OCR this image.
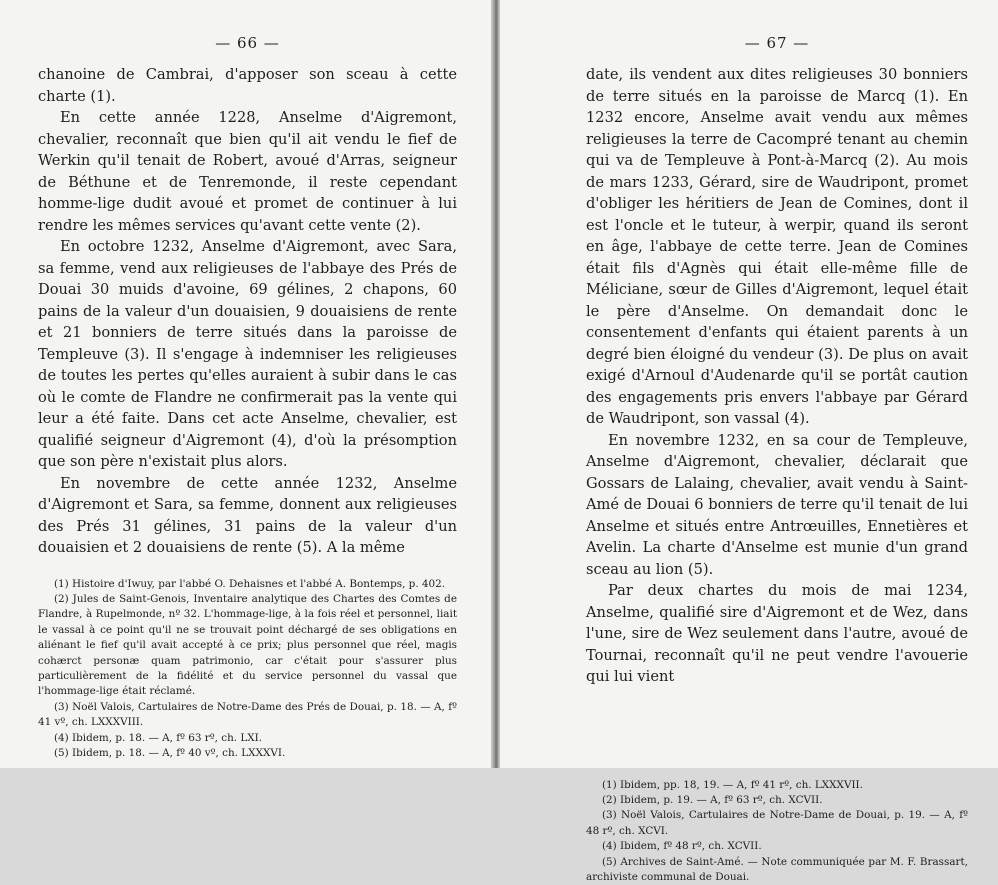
— 66 —

chanoine de Cambrai, d'apposer son sceau à cette charte (1).

En cette année 1228, Anselme d'Aigremont, chevalier, reconnaît que bien qu'il ait vendu le fief de Werkin qu'il tenait de Robert, avoué d'Arras, seigneur de Béthune et de Tenremonde, il reste cependant homme-lige dudit avoué et promet de continuer à lui rendre les mêmes services qu'avant cette vente (2).

En octobre 1232, Anselme d'Aigremont, avec Sara, sa femme, vend aux religieuses de l'abbaye des Prés de Douai 30 muids d'avoine, 69 gélines, 2 chapons, 60 pains de la valeur d'un douaisien, 9 douaisiens de rente et 21 bonniers de terre situés dans la paroisse de Templeuve (3). Il s'engage à indemniser les religieuses de toutes les pertes qu'elles auraient à subir dans le cas où le comte de Flandre ne confirmerait pas la vente qui leur a été faite. Dans cet acte Anselme, chevalier, est qualifié seigneur d'Aigremont (4), d'où la présomption que son père n'existait plus alors.

En novembre de cette année 1232, Anselme d'Aigremont et Sara, sa femme, donnent aux religieuses des Prés 31 gélines, 31 pains de la valeur d'un douaisien et 2 douaisiens de rente (5). A la même

(1) Histoire d'Iwuy, par l'abbé O. Dehaisnes et l'abbé A. Bontemps, p. 402.

(2) Jules de Saint-Genois, Inventaire analytique des Chartes des Comtes de Flandre, à Rupelmonde, nº 32. L'hommage-lige, à la fois réel et personnel, liait le vassal à ce point qu'il ne se trouvait point déchargé de ses obligations en aliénant le fief qu'il avait accepté à ce prix; plus personnel que réel, magis cohærct personæ quam patrimonio, car c'était pour s'assurer plus particulièrement de la fidélité et du service personnel du vassal que l'hommage-lige était réclamé.

(3) Noël Valois, Cartulaires de Notre-Dame des Prés de Douai, p. 18. — A, fº 41 vº, ch. LXXXVIII.

(4) Ibidem, p. 18. — A, fº 63 rº, ch. LXI.

(5) Ibidem, p. 18. — A, fº 40 vº, ch. LXXXVI.

— 67 —

date, ils vendent aux dites religieuses 30 bonniers de terre situés en la paroisse de Marcq (1). En 1232 encore, Anselme avait vendu aux mêmes religieuses la terre de Cacompré tenant au chemin qui va de Templeuve à Pont-à-Marcq (2). Au mois de mars 1233, Gérard, sire de Waudripont, promet d'obliger les héritiers de Jean de Comines, dont il est l'oncle et le tuteur, à werpir, quand ils seront en âge, l'abbaye de cette terre. Jean de Comines était fils d'Agnès qui était elle-même fille de Méliciane, sœur de Gilles d'Aigremont, lequel était le père d'Anselme. On demandait donc le consentement d'enfants qui étaient parents à un degré bien éloigné du vendeur (3). De plus on avait exigé d'Arnoul d'Audenarde qu'il se portât caution des engagements pris envers l'abbaye par Gérard de Waudripont, son vassal (4).

En novembre 1232, en sa cour de Templeuve, Anselme d'Aigremont, chevalier, déclarait que Gossars de Lalaing, chevalier, avait vendu à Saint-Amé de Douai 6 bonniers de terre qu'il tenait de lui Anselme et situés entre Antrœuilles, Ennetières et Avelin. La charte d'Anselme est munie d'un grand sceau au lion (5).

Par deux chartes du mois de mai 1234, Anselme, qualifié sire d'Aigremont et de Wez, dans l'une, sire de Wez seulement dans l'autre, avoué de Tournai, reconnaît qu'il ne peut vendre l'avouerie qui lui vient

(1) Ibidem, pp. 18, 19. — A, fº 41 rº, ch. LXXXVII.

(2) Ibidem, p. 19. — A, fº 63 rº, ch. XCVII.

(3) Noël Valois, Cartulaires de Notre-Dame de Douai, p. 19. — A, fº 48 rº, ch. XCVI.

(4) Ibidem, fº 48 rº, ch. XCVII.

(5) Archives de Saint-Amé. — Note communiquée par M. F. Brassart, archiviste communal de Douai.
